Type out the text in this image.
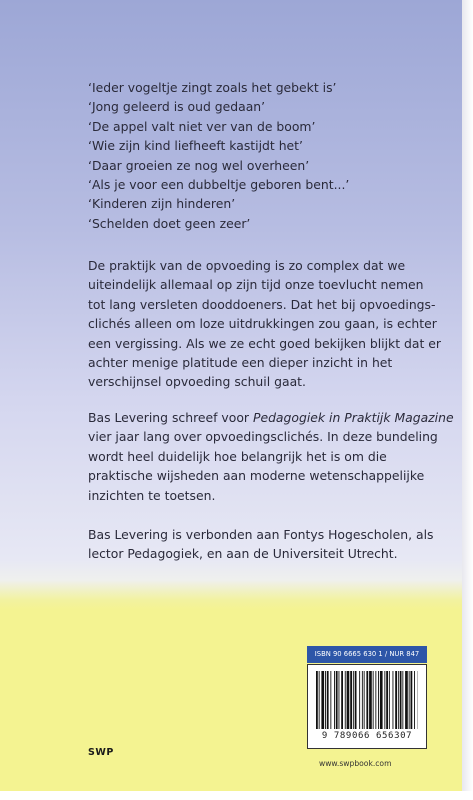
‘Ieder vogeltje zingt zoals het gebekt is’
‘Jong geleerd is oud gedaan’
‘De appel valt niet ver van de boom’
‘Wie zijn kind liefheeft kastijdt het’
‘Daar groeien ze nog wel overheen’
‘Als je voor een dubbeltje geboren bent...’
‘Kinderen zijn hinderen’
‘Schelden doet geen zeer’

De praktijk van de opvoeding is zo complex dat we
uiteindelijk allemaal op zijn tijd onze toevlucht nemen
tot lang versleten dooddoeners. Dat het bij opvoedings-
clichés alleen om loze uitdrukkingen zou gaan, is echter
een vergissing. Als we ze echt goed bekijken blijkt dat er
achter menige platitude een dieper inzicht in het
verschijnsel opvoeding schuil gaat.

Bas Levering schreef voor Pedagogiek in Praktijk Magazine
vier jaar lang over opvoedingsclichés. In deze bundeling
wordt heel duidelijk hoe belangrijk het is om die
praktische wijsheden aan moderne wetenschappelijke
inzichten te toetsen.

Bas Levering is verbonden aan Fontys Hogescholen, als
lector Pedagogiek, en aan de Universiteit Utrecht.

ISBN 90 6665 630 1 / NUR 847
9 789066 656307
www.swpbook.com
SWP
